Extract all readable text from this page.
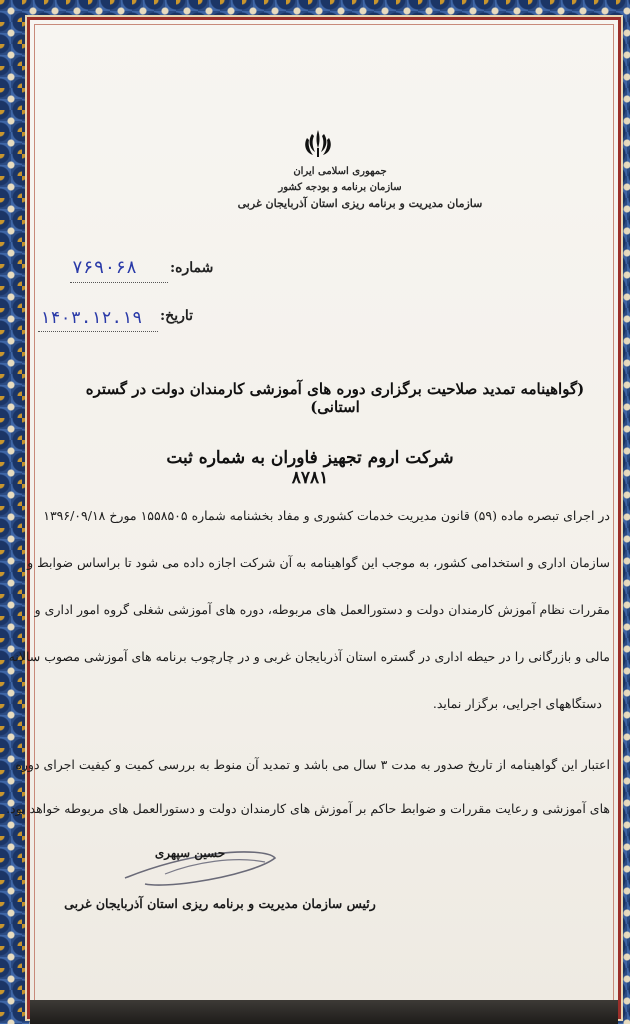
جمهوری اسلامی ایران
سازمان برنامه و بودجه کشور
سازمان مدیریت و برنامه ریزی استان آذربایجان غربی
شماره:
۷۶۹۰۶۸
تاریخ:
۱۴۰۳.۱۲.۱۹
(گواهینامه تمدید صلاحیت برگزاری دوره های آموزشی کارمندان دولت در گستره استانی)
شرکت اروم تجهیز فاوران به شماره ثبت ۸۷۸۱
در اجرای تبصره ماده (۵۹) قانون مدیریت خدمات کشوری و مفاد بخشنامه شماره ۱۵۵۸۵۰۵ مورخ ۱۳۹۶/۰۹/۱۸
سازمان اداری و استخدامی کشور، به موجب این گواهینامه به آن شرکت اجازه داده می شود تا براساس ضوابط و
مقررات نظام آموزش کارمندان دولت و دستورالعمل های مربوطه، دوره های آموزشی شغلی گروه امور اداری و
مالی و بازرگانی را در حیطه اداری در گستره استان آذربایجان غربی و در چارچوب برنامه های آموزشی مصوب سالانه
دستگاههای اجرایی، برگزار نماید.
اعتبار این گواهینامه از تاریخ صدور به مدت ۳ سال می باشد و تمدید آن منوط به بررسی کمیت و کیفیت اجرای دوره
های آموزشی و رعایت مقررات و ضوابط حاکم بر آموزش های کارمندان دولت و دستورالعمل های مربوطه خواهد بود.
حسین سپهری
رئیس سازمان مدیریت و برنامه ریزی استان آذربایجان غربی
